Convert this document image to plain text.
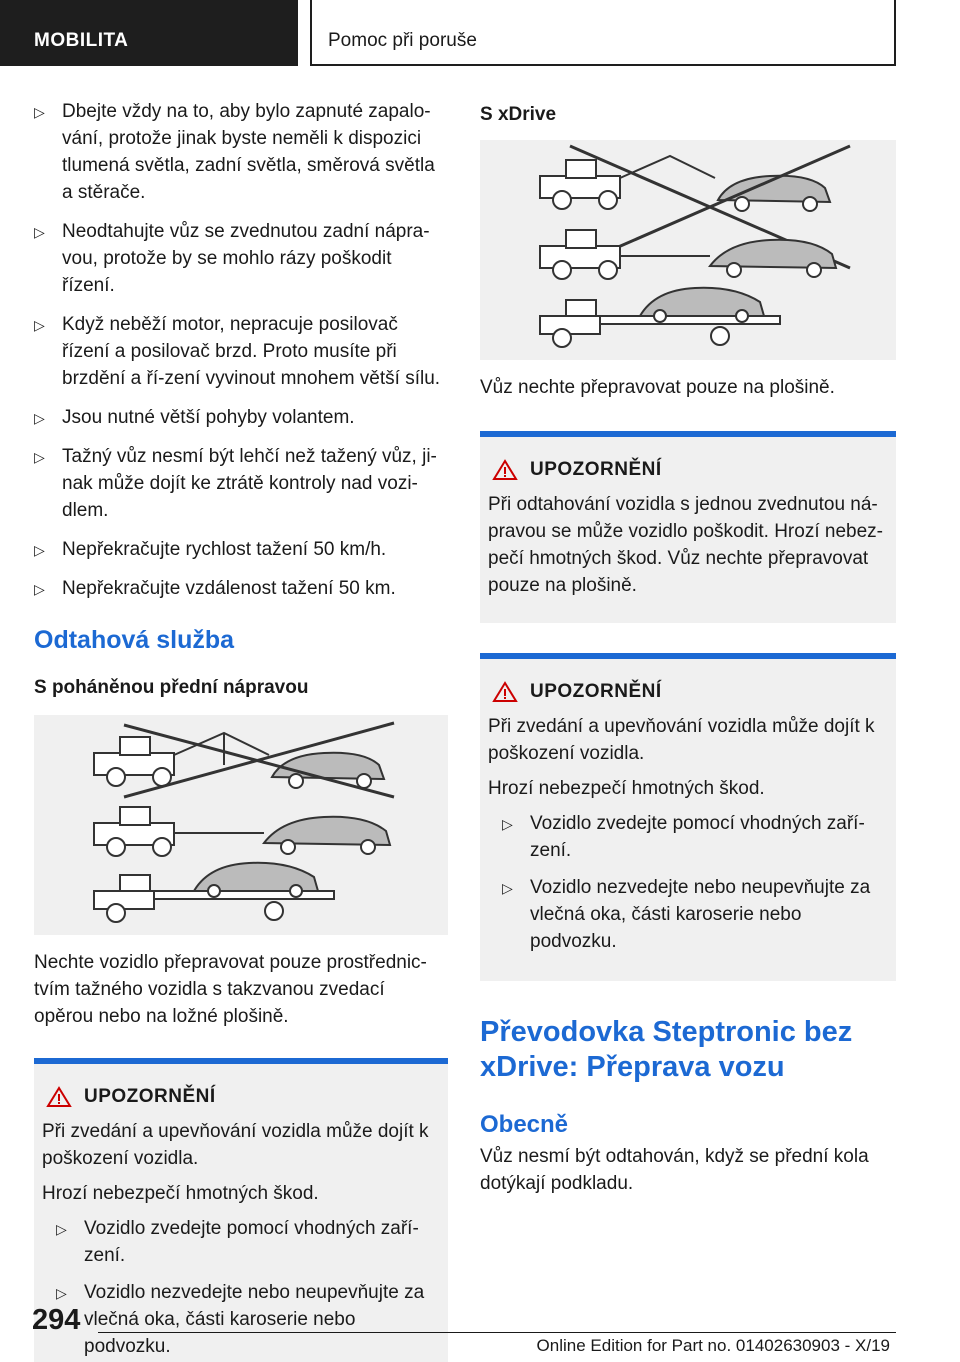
MOBILITA	Pomoc při poruše
▷ Dbejte vždy na to, aby bylo zapnuté zapalo‐vání, protože jinak byste neměli k dispozici tlumená světla, zadní světla, směrová světla a stěrače.
▷ Neodtahujte vůz se zvednutou zadní nápra‐vou, protože by se mohlo rázy poškodit řízení.
▷ Když neběží motor, nepracuje posilovač řízení a posilovač brzd. Proto musíte při brzdění a ří‐zení vyvinout mnohem větší sílu.
▷ Jsou nutné větší pohyby volantem.
▷ Tažný vůz nesmí být lehčí než tažený vůz, ji‐nak může dojít ke ztrátě kontroly nad vozi‐dlem.
▷ Nepřekračujte rychlost tažení 50 km/h.
▷ Nepřekračujte vzdálenost tažení 50 km.
Odtahová služba
S poháněnou přední nápravou

Nechte vozidlo přepravovat pouze prostřednic‐tvím tažného vozidla s takzvanou zvedací opěrou nebo na ložné plošině.

UPOZORNĚNÍ

Při zvedání a upevňování vozidla může dojít k poškození vozidla.

Hrozí nebezpečí hmotných škod.

▷ Vozidlo zvedejte pomocí vhodných zaří‐zení.
▷ Vozidlo nezvedejte nebo neupevňujte za vlečná oka, části karoserie nebo podvozku.
S xDrive

Vůz nechte přepravovat pouze na plošině.

UPOZORNĚNÍ

Při odtahování vozidla s jednou zvednutou ná‐pravou se může vozidlo poškodit. Hrozí nebez‐pečí hmotných škod. Vůz nechte přepravovat pouze na plošině.

UPOZORNĚNÍ

Při zvedání a upevňování vozidla může dojít k poškození vozidla.

Hrozí nebezpečí hmotných škod.

▷ Vozidlo zvedejte pomocí vhodných zaří‐zení.
▷ Vozidlo nezvedejte nebo neupevňujte za vlečná oka, části karoserie nebo podvozku.
Převodovka Steptronic bez xDrive: Přeprava vozu
Obecně

Vůz nesmí být odtahován, když se přední kola dotýkají podkladu.

294
Online Edition for Part no. 01402630903 - X/19
